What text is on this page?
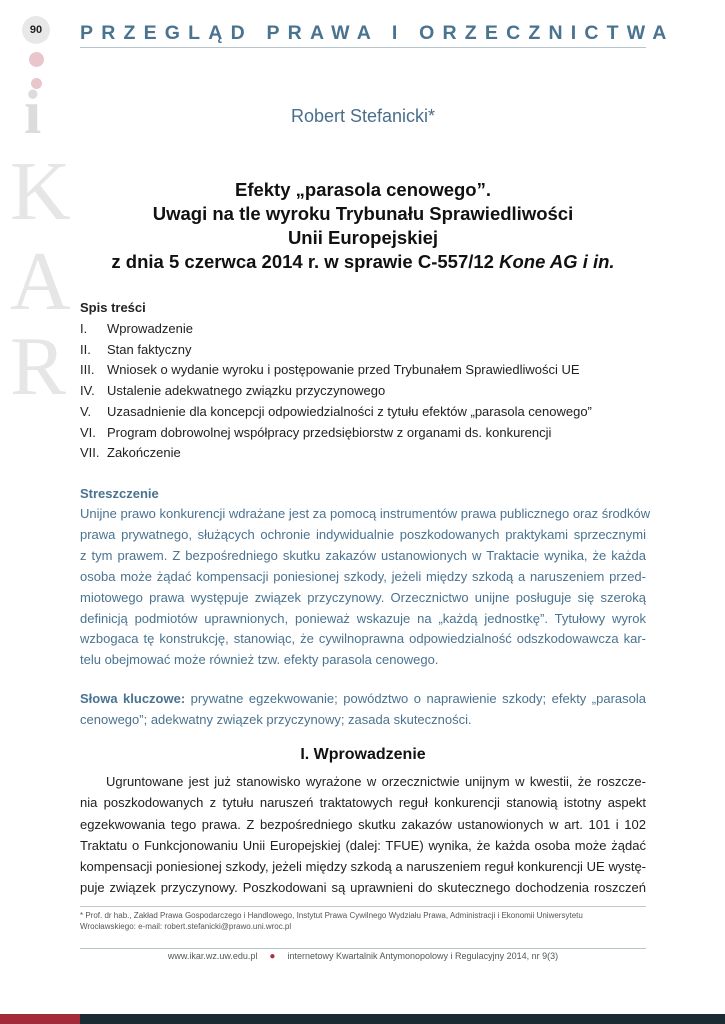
90
i
K
A
R
PRZEGLĄD PRAWA I ORZECZNICTWA
Robert Stefanicki*
Efekty „parasola cenowego”.
Uwagi na tle wyroku Trybunału Sprawiedliwości
Unii Europejskiej
z dnia 5 czerwca 2014 r. w sprawie C-557/12 Kone AG i in.
Spis treści
I.	Wprowadzenie
II.	Stan faktyczny
III. Wniosek o wydanie wyroku i postępowanie przed Trybunałem Sprawiedliwości UE
IV. Ustalenie adekwatnego związku przyczynowego
V.	Uzasadnienie dla koncepcji odpowiedzialności z tytułu efektów „parasola cenowego”
VI. Program dobrowolnej współpracy przedsiębiorstw z organami ds. konkurencji
VII. Zakończenie
Streszczenie
Unijne prawo konkurencji wdrażane jest za pomocą instrumentów prawa publicznego oraz środków
prawa prywatnego, służących ochronie indywidualnie poszkodowanych praktykami sprzecznymi
z tym prawem. Z bezpośredniego skutku zakazów ustanowionych w Traktacie wynika, że każda
osoba może żądać kompensacji poniesionej szkody, jeżeli między szkodą a naruszeniem przed-
miotowego prawa występuje związek przyczynowy. Orzecznictwo unijne posługuje się szeroką
definicją podmiotów uprawnionych, ponieważ wskazuje na „każdą jednostkę”. Tytułowy wyrok
wzbogaca tę konstrukcję, stanowiąc, że cywilnoprawna odpowiedzialność odszkodowawcza kar-
telu obejmować może również tzw. efekty parasola cenowego.
Słowa kluczowe: prywatne egzekwowanie; powództwo o naprawienie szkody; efekty „parasola
cenowego”; adekwatny związek przyczynowy; zasada skuteczności.
I. Wprowadzenie
Ugruntowane jest już stanowisko wyrażone w orzecznictwie unijnym w kwestii, że roszcze-
nia poszkodowanych z tytułu naruszeń traktatowych reguł konkurencji stanowią istotny aspekt
egzekwowania tego prawa. Z bezpośredniego skutku zakazów ustanowionych w art. 101 i 102
Traktatu o Funkcjonowaniu Unii Europejskiej (dalej: TFUE) wynika, że każda osoba może żądać
kompensacji poniesionej szkody, jeżeli między szkodą a naruszeniem reguł konkurencji UE wystę-
puje związek przyczynowy. Poszkodowani są uprawnieni do skutecznego dochodzenia roszczeń
* Prof. dr hab., Zakład Prawa Gospodarczego i Handlowego, Instytut Prawa Cywilnego Wydziału Prawa, Administracji i Ekonomii Uniwersytetu
Wrocławskiego: e-mail: robert.stefanicki@prawo.uni.wroc.pl
www.ikar.wz.uw.edu.pl ● internetowy Kwartalnik Antymonopolowy i Regulacyjny 2014, nr 9(3)
